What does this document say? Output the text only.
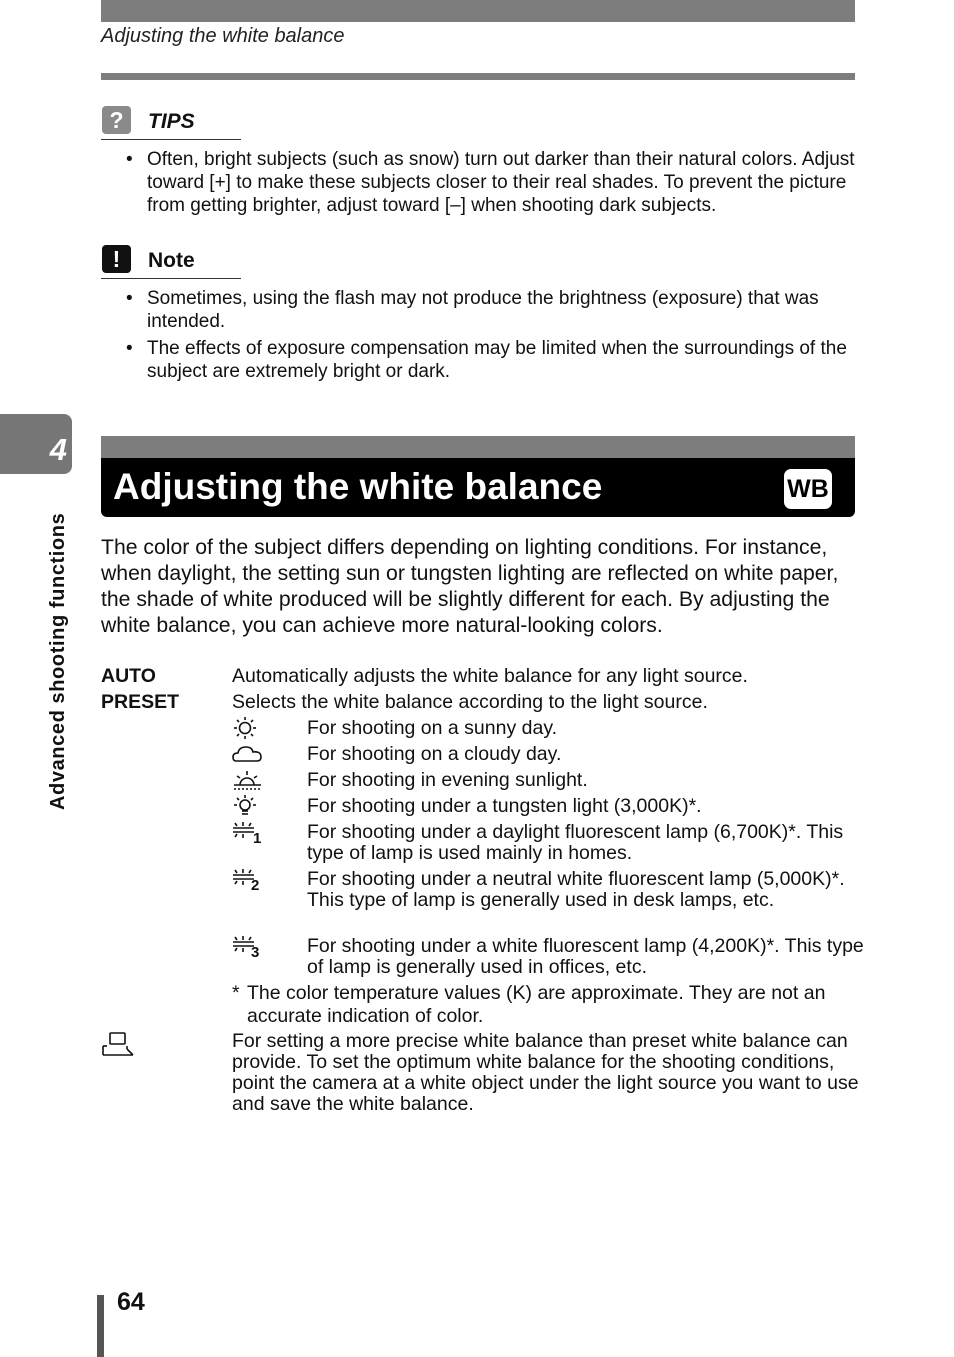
Adjusting the white balance
?	TIPS
• Often, bright subjects (such as snow) turn out darker than their natural colors. Adjust toward [+] to make these subjects closer to their real shades. To prevent the picture from getting brighter, adjust toward [–] when shooting dark subjects.
!	Note
• Sometimes, using the flash may not produce the brightness (exposure) that was intended.
• The effects of exposure compensation may be limited when the surroundings of the subject are extremely bright or dark.
4
Advanced shooting functions
Adjusting the white balance	WB
The color of the subject differs depending on lighting conditions. For instance, when daylight, the setting sun or tungsten lighting are reflected on white paper, the shade of white produced will be slightly different for each. By adjusting the white balance, you can achieve more natural-looking colors.
AUTO	Automatically adjusts the white balance for any light source.
PRESET	Selects the white balance according to the light source.
For shooting on a sunny day.
For shooting on a cloudy day.
For shooting in evening sunlight.
For shooting under a tungsten light (3,000K)*.
1 For shooting under a daylight fluorescent lamp (6,700K)*. This type of lamp is used mainly in homes.
2 For shooting under a neutral white fluorescent lamp (5,000K)*. This type of lamp is generally used in desk lamps, etc.
3 For shooting under a white fluorescent lamp (4,200K)*. This type of lamp is generally used in offices, etc.
* The color temperature values (K) are approximate. They are not an accurate indication of color.
For setting a more precise white balance than preset white balance can provide. To set the optimum white balance for the shooting conditions, point the camera at a white object under the light source you want to use and save the white balance.
64
